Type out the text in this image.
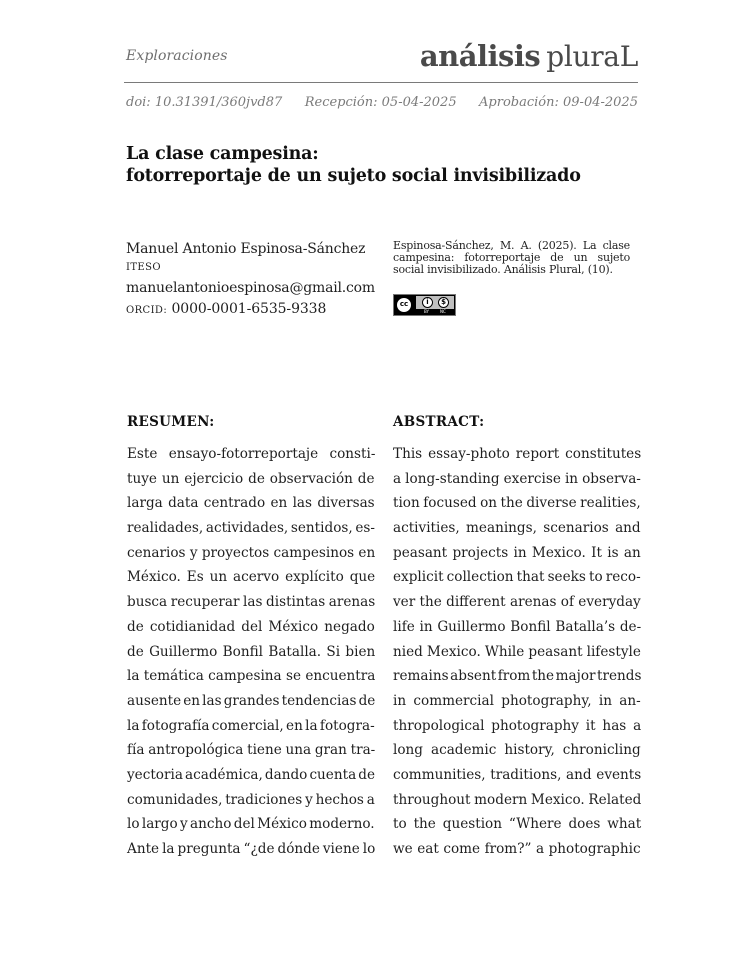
Exploraciones	análisis pluraL
doi: 10.31391/360jvd87 Recepción: 05-04-2025 Aprobación: 09-04-2025
La clase campesina:
fotorreportaje de un sujeto social invisibilizado
Manuel Antonio Espinosa-Sánchez
ITESO
manuelantonioespinosa@gmail.com
ORCID: 0000-0001-6535-9338
Espinosa-Sánchez, M. A. (2025). La clase campesina: fotorreportaje de un sujeto social invisibilizado. Análisis Plural, (10).
cc	i	$
BY	NC
RESUMEN:
Este ensayo-fotorreportaje consti-
tuye un ejercicio de observación de
larga data centrado en las diversas
realidades, actividades, sentidos, es-
cenarios y proyectos campesinos en
México. Es un acervo explícito que
busca recuperar las distintas arenas
de cotidianidad del México negado
de Guillermo Bonfil Batalla. Si bien
la temática campesina se encuentra
ausente en las grandes tendencias de
la fotografía comercial, en la fotogra-
fía antropológica tiene una gran tra-
yectoria académica, dando cuenta de
comunidades, tradiciones y hechos a
lo largo y ancho del México moderno.
Ante la pregunta “¿de dónde viene lo
ABSTRACT:
This essay-photo report constitutes
a long-standing exercise in observa-
tion focused on the diverse realities,
activities, meanings, scenarios and
peasant projects in Mexico. It is an
explicit collection that seeks to reco-
ver the different arenas of everyday
life in Guillermo Bonfil Batalla’s de-
nied Mexico. While peasant lifestyle
remains absent from the major trends
in commercial photography, in an-
thropological photography it has a
long academic history, chronicling
communities, traditions, and events
throughout modern Mexico. Related
to the question “Where does what
we eat come from?” a photographic
